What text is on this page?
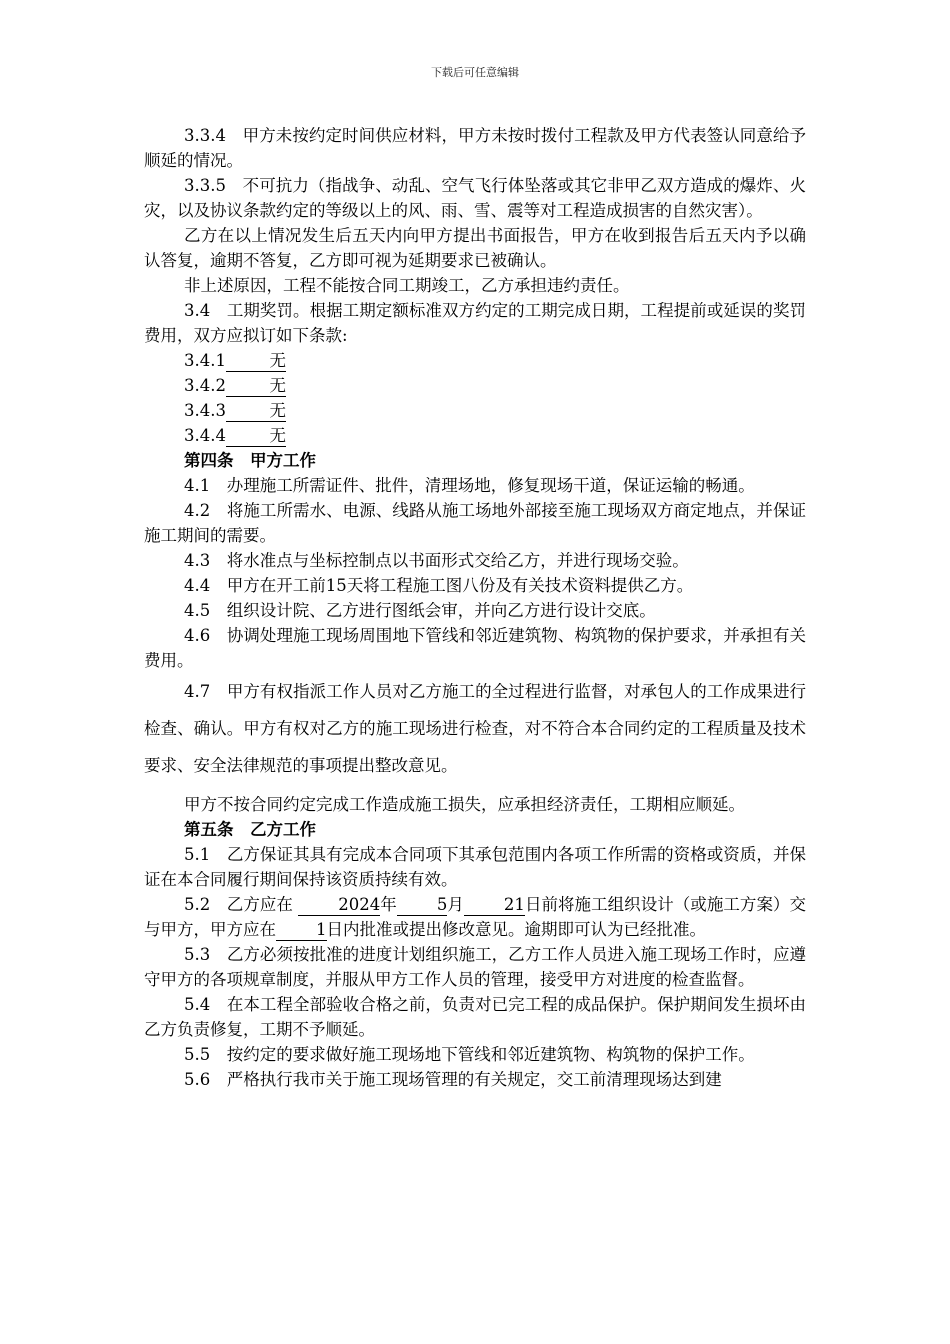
下载后可任意编辑

3.3.4　甲方未按约定时间供应材料，甲方未按时拨付工程款及甲方代表签认同意给予顺延的情况。

3.3.5　不可抗力（指战争、动乱、空气飞行体坠落或其它非甲乙双方造成的爆炸、火灾，以及协议条款约定的等级以上的风、雨、雪、震等对工程造成损害的自然灾害）。

乙方在以上情况发生后五天内向甲方提出书面报告，甲方在收到报告后五天内予以确认答复，逾期不答复，乙方即可视为延期要求已被确认。

非上述原因，工程不能按合同工期竣工，乙方承担违约责任。

3.4　工期奖罚。根据工期定额标准双方约定的工期完成日期，工程提前或延误的奖罚费用，双方应拟订如下条款:

3.4.1	无

3.4.2	无

3.4.3	无

3.4.4	无

第四条　甲方工作

4.1　办理施工所需证件、批件，清理场地，修复现场干道，保证运输的畅通。

4.2　将施工所需水、电源、线路从施工场地外部接至施工现场双方商定地点，并保证施工期间的需要。

4.3　将水准点与坐标控制点以书面形式交给乙方，并进行现场交验。

4.4　甲方在开工前15天将工程施工图八份及有关技术资料提供乙方。

4.5　组织设计院、乙方进行图纸会审，并向乙方进行设计交底。

4.6　协调处理施工现场周围地下管线和邻近建筑物、构筑物的保护要求，并承担有关费用。

4.7　甲方有权指派工作人员对乙方施工的全过程进行监督，对承包人的工作成果进行检查、确认。甲方有权对乙方的施工现场进行检查，对不符合本合同约定的工程质量及技术要求、安全法律规范的事项提出整改意见。

甲方不按合同约定完成工作造成施工损失，应承担经济责任，工期相应顺延。

第五条　乙方工作

5.1　乙方保证其具有完成本合同项下其承包范围内各项工作所需的资格或资质，并保证在本合同履行期间保持该资质持续有效。

5.2　乙方应在	2024年 5月 21日前将施工组织设计（或施工方案）交与甲方，甲方应在 1日内批准或提出修改意见。逾期即可认为已经批准。

5.3　乙方必须按批准的进度计划组织施工，乙方工作人员进入施工现场工作时，应遵守甲方的各项规章制度，并服从甲方工作人员的管理，接受甲方对进度的检查监督。

5.4　在本工程全部验收合格之前，负责对已完工程的成品保护。保护期间发生损坏由乙方负责修复，工期不予顺延。

5.5　按约定的要求做好施工现场地下管线和邻近建筑物、构筑物的保护工作。

5.6　严格执行我市关于施工现场管理的有关规定，交工前清理现场达到建
